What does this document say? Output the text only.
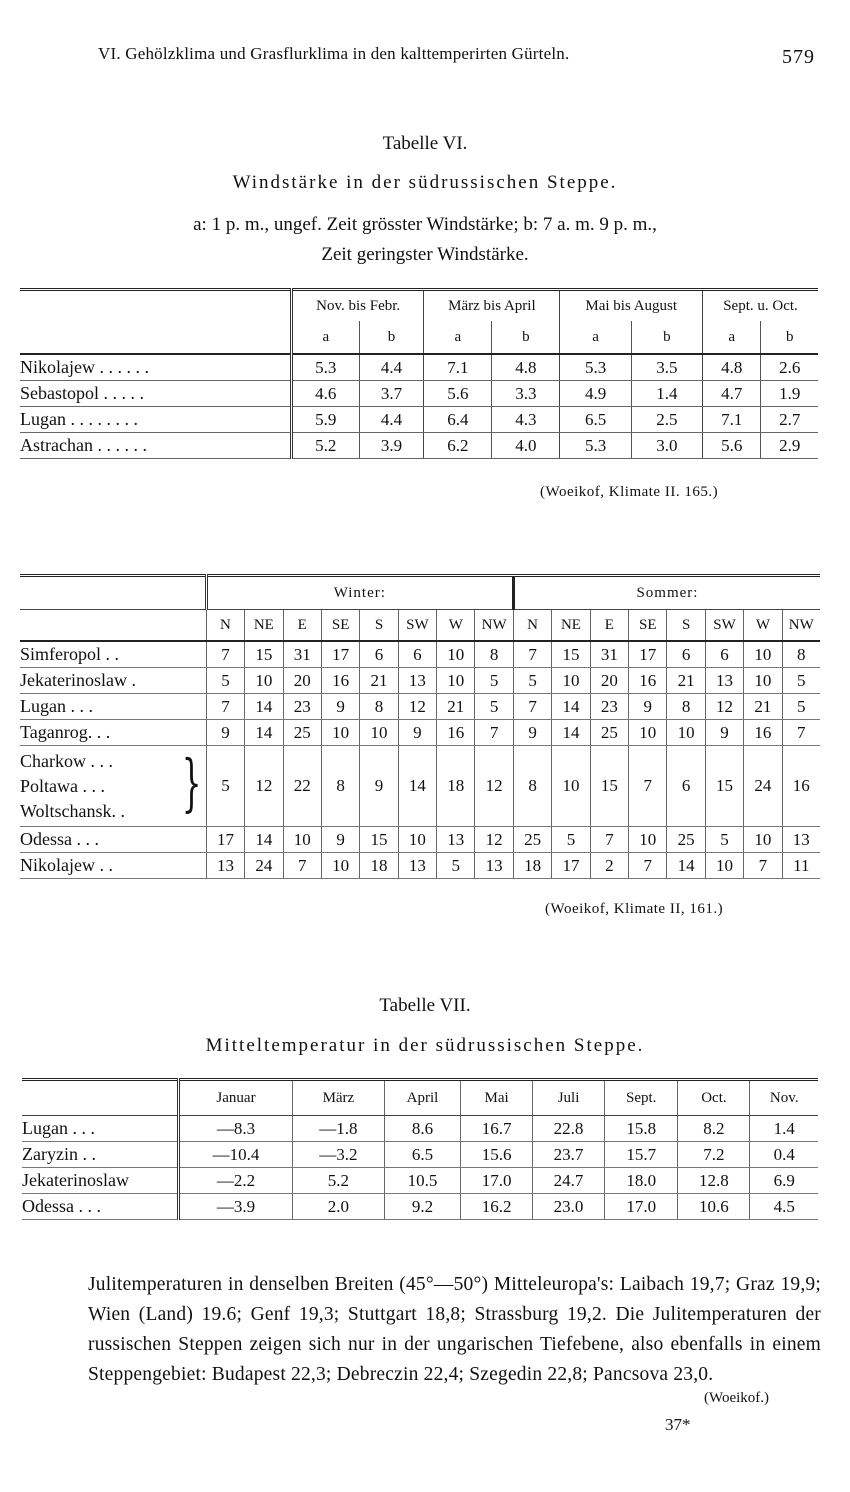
VI. Gehölzklima und Grasflurklima in den kalttemperirten Gürteln.	579
Tabelle VI.
Windstärke in der südrussischen Steppe.
a: 1 p. m., ungef. Zeit grösster Windstärke; b: 7 a. m. 9 p. m.,
Zeit geringster Windstärke.
	Nov. bis Febr.		März bis April		Mai bis August		Sept. u. Oct.	
	a	b	a	b	a	b	a	b
Nikolajew . . . . . .	5.3	4.4	7.1	4.8	5.3	3.5	4.8	2.6
Sebastopol . . . . .	4.6	3.7	5.6	3.3	4.9	1.4	4.7	1.9
Lugan . . . . . . . .	5.9	4.4	6.4	4.3	6.5	2.5	7.1	2.7
Astrachan . . . . . .	5.2	3.9	6.2	4.0	5.3	3.0	5.6	2.9
(Woeikof, Klimate II. 165.)
	Winter:								Sommer:							
	N	NE	E	SE	S	SW	W	NW	N	NE	E	SE	S	SW	W	NW
Simferopol . .	7	15	31	17	6	6	10	8	7	15	31	17	6	6	10	8
Jekaterinoslaw .	5	10	20	16	21	13	10	5	5	10	20	16	21	13	10	5
Lugan . . .	7	14	23	9	8	12	21	5	7	14	23	9	8	12	21	5
Taganrog. . .	9	14	25	10	10	9	16	7	9	14	25	10	10	9	16	7

Charkow . . .
Poltawa . . .
Woltschansk. . }	5	12	22	8	9	14	18	12	8	10	15	7	6	15	24	16
Odessa . . .	17	14	10	9	15	10	13	12	25	5	7	10	25	5	10	13
Nikolajew . .	13	24	7	10	18	13	5	13	18	17	2	7	14	10	7	11
(Woeikof, Klimate II, 161.)
Tabelle VII.
Mitteltemperatur in der südrussischen Steppe.
	Januar	März	April	Mai	Juli	Sept.	Oct.	Nov.
Lugan . . .	—8.3	—1.8	8.6	16.7	22.8	15.8	8.2	1.4
Zaryzin . .	—10.4	—3.2	6.5	15.6	23.7	15.7	7.2	0.4
Jekaterinoslaw	—2.2	5.2	10.5	17.0	24.7	18.0	12.8	6.9
Odessa . . .	—3.9	2.0	9.2	16.2	23.0	17.0	10.6	4.5
Julitemperaturen in denselben Breiten (45°—50°) Mitteleuropa's: Laibach 19,7; Graz 19,9; Wien (Land) 19.6; Genf 19,3; Stuttgart 18,8; Strassburg 19,2. Die Julitemperaturen der russischen Steppen zeigen sich nur in der ungarischen Tiefebene, also ebenfalls in einem Steppengebiet: Budapest 22,3; Debreczin 22,4; Szegedin 22,8; Pancsova 23,0.
(Woeikof.)
37*
